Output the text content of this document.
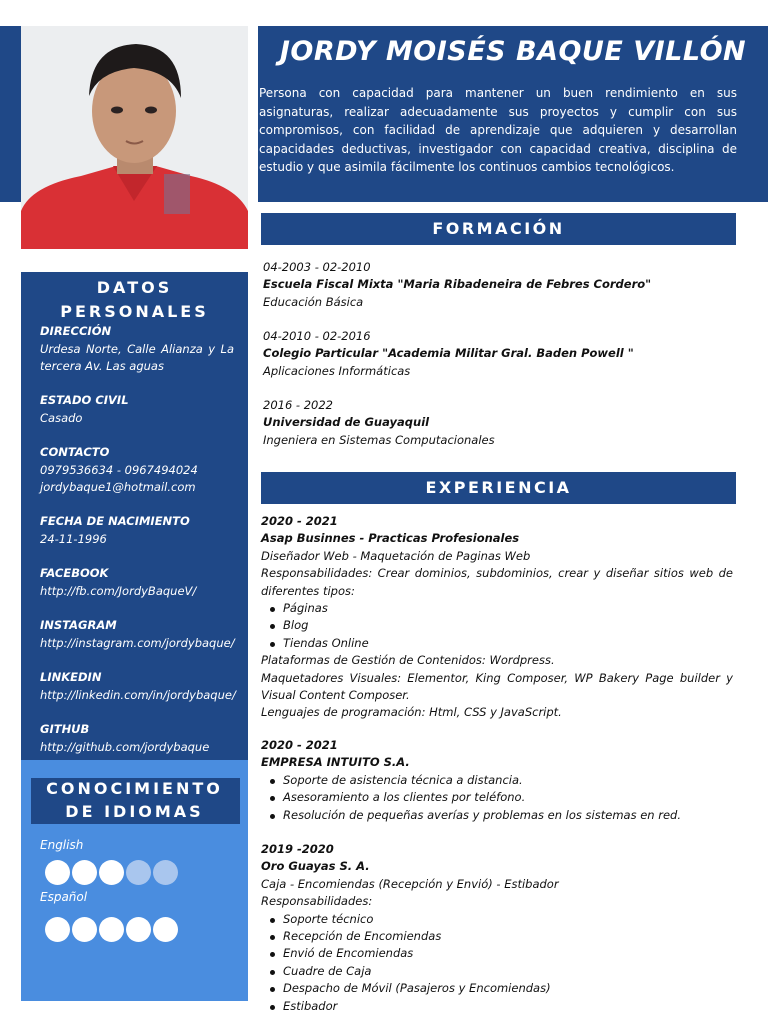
JORDY MOISÉS BAQUE VILLÓN
Persona con capacidad para mantener un buen rendimiento en sus asignaturas, realizar adecuadamente sus proyectos y cumplir con sus compromisos, con facilidad de aprendizaje que adquieren y desarrollan capacidades deductivas, investigador con capacidad creativa, disciplina de estudio y que asimila fácilmente los continuos cambios tecnológicos.
DATOS
PERSONALES
DIRECCIÓN
Urdesa Norte, Calle Alianza y La tercera Av. Las aguas
ESTADO CIVIL
Casado
CONTACTO
0979536634 - 0967494024
jordybaque1@hotmail.com
FECHA DE NACIMIENTO
24-11-1996
FACEBOOK
http://fb.com/JordyBaqueV/
INSTAGRAM
http://instagram.com/jordybaque/
LINKEDIN
http://linkedin.com/in/jordybaque/
GITHUB
http://github.com/jordybaque
CONOCIMIENTO
DE IDIOMAS
English
Español
FORMACIÓN
04-2003 - 02-2010
Escuela Fiscal Mixta "Maria Ribadeneira de Febres Cordero"
Educación Básica
04-2010 - 02-2016
Colegio Particular "Academia Militar Gral. Baden Powell "
Aplicaciones Informáticas
2016 - 2022
Universidad de Guayaquil
Ingeniera en Sistemas Computacionales
EXPERIENCIA
2020 - 2021
Asap Businnes - Practicas Profesionales
Diseñador Web - Maquetación de Paginas Web
Responsabilidades: Crear dominios, subdominios, crear y diseñar sitios web de diferentes tipos:
Páginas
Blog
Tiendas Online
Plataformas de Gestión de Contenidos: Wordpress.
Maquetadores Visuales: Elementor, King Composer, WP Bakery Page builder y Visual Content Composer.
Lenguajes de programación: Html, CSS y JavaScript.
2020 - 2021
EMPRESA INTUITO S.A.
Soporte de asistencia técnica a distancia.
Asesoramiento a los clientes por teléfono.
Resolución de pequeñas averías y problemas en los sistemas en red.
2019 -2020
Oro Guayas S. A.
Caja - Encomiendas (Recepción y Envió) - Estibador
Responsabilidades:
Soporte técnico
Recepción de Encomiendas
Envió de Encomiendas
Cuadre de Caja
Despacho de Móvil (Pasajeros y Encomiendas)
Estibador
